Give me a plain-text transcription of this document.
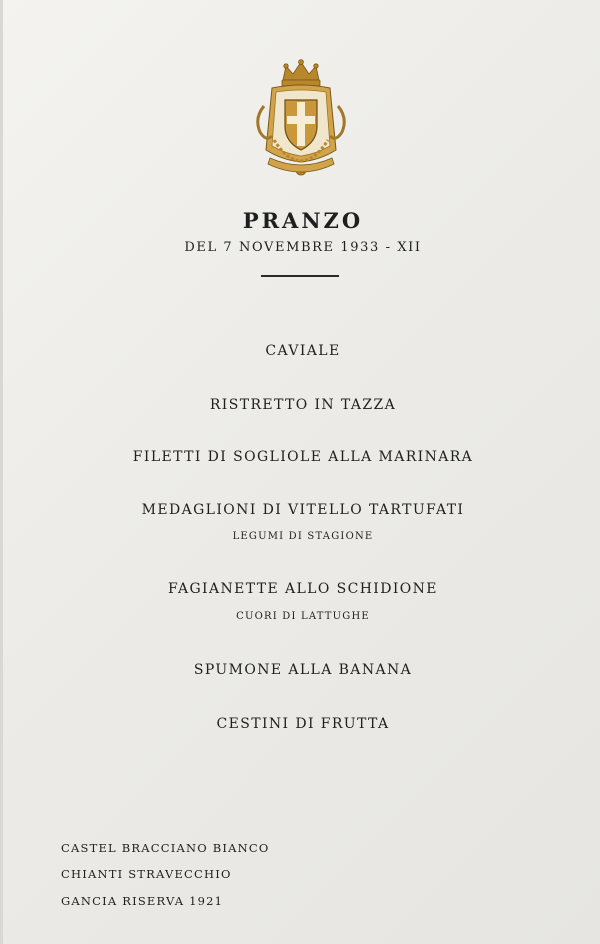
PRANZO
DEL 7 NOVEMBRE 1933 - XII
CAVIALE
RISTRETTO IN TAZZA
FILETTI DI SOGLIOLE ALLA MARINARA
MEDAGLIONI DI VITELLO TARTUFATI
LEGUMI DI STAGIONE
FAGIANETTE ALLO SCHIDIONE
CUORI DI LATTUGHE
SPUMONE ALLA BANANA
CESTINI DI FRUTTA
CASTEL BRACCIANO BIANCO
CHIANTI STRAVECCHIO
GANCIA RISERVA 1921
